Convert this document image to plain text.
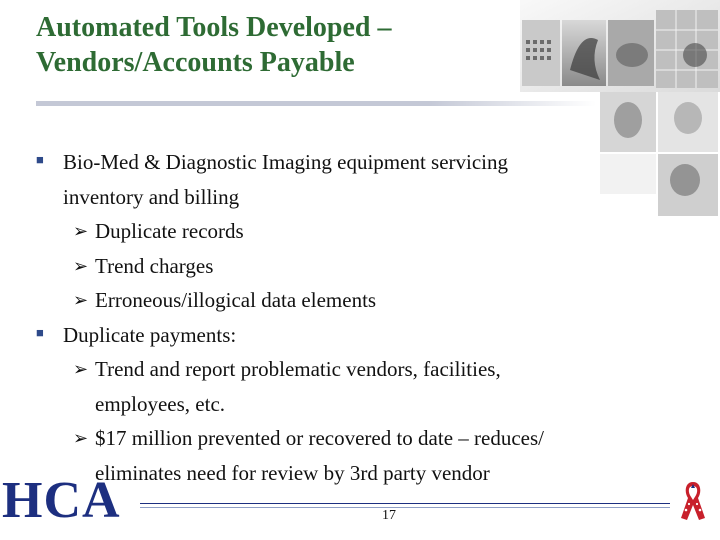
Automated Tools Developed –
Vendors/Accounts Payable
■ Bio-Med & Diagnostic Imaging equipment servicing
inventory and billing
➢ Duplicate records
➢ Trend charges
➢ Erroneous/illogical data elements
■ Duplicate payments:
➢ Trend and report problematic vendors, facilities,
employees, etc.
➢ $17 million prevented or recovered to date – reduces/
eliminates need for review by 3rd party vendor
HCA	17
